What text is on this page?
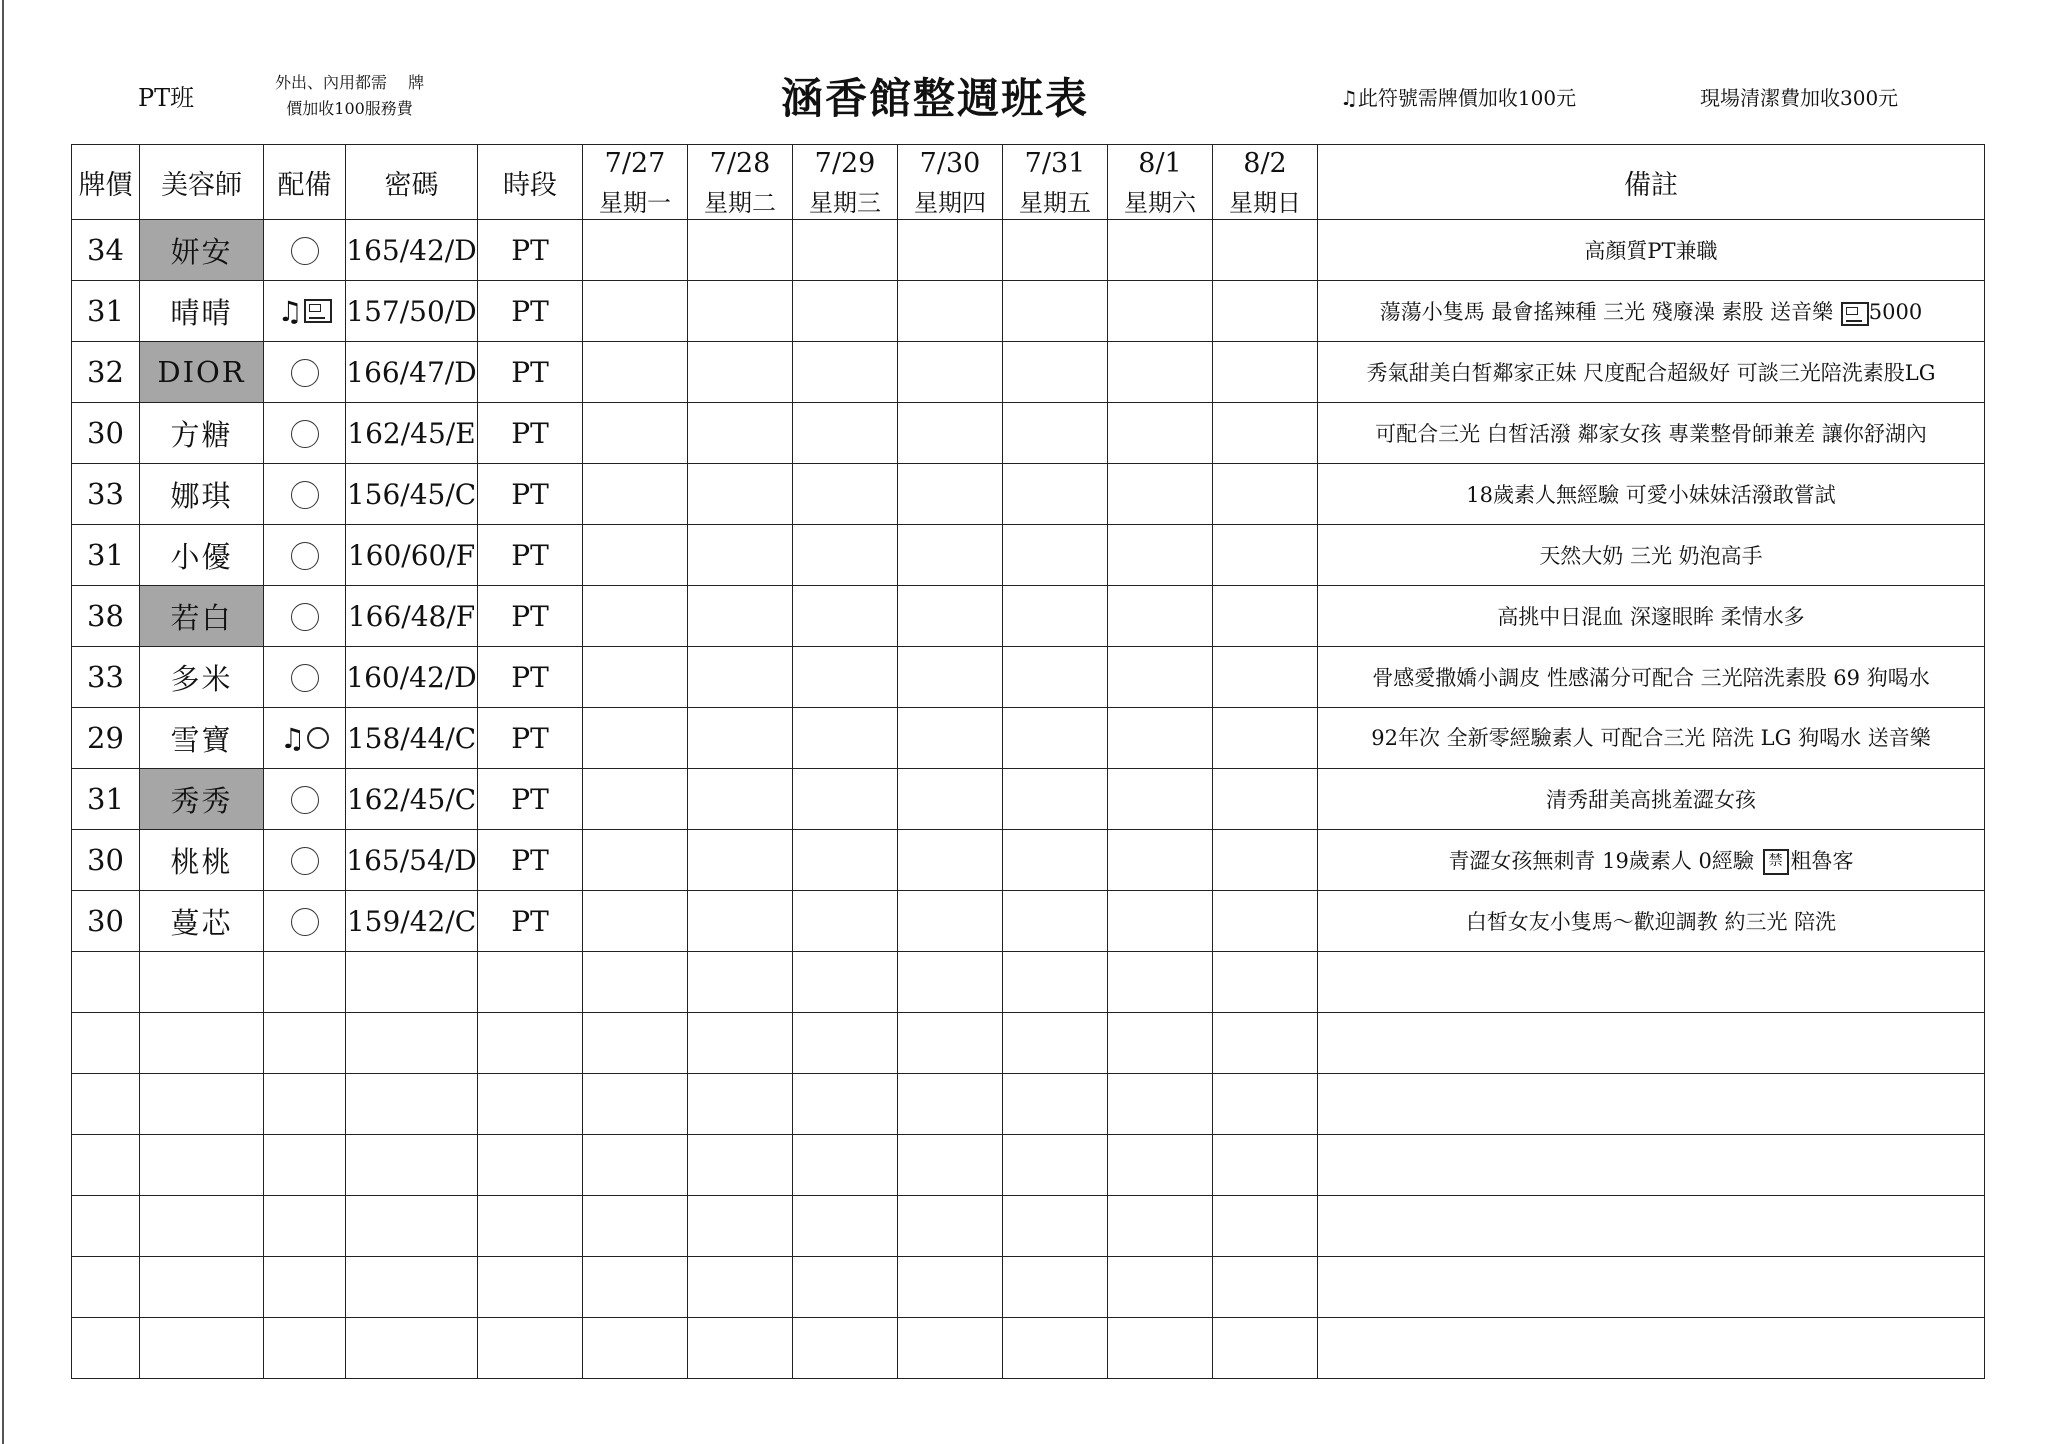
PT班
外出、內用都需　 牌
價加收100服務費	涵香館整週班表	♫此符號需牌價加收100元	現場清潔費加收300元
牌價	美容師	配備	密碼	時段	7/27	7/28	7/29	7/30	7/31	8/1	8/2	備註
					星期一	星期二	星期三	星期四	星期五	星期六	星期日	
34	妍安		165/42/D	PT								高顏質PT兼職
31	晴晴	♫	157/50/D	PT								蕩蕩小隻馬 最會搖辣種 三光 殘廢澡 素股 送音樂 5000
32	DIOR		166/47/D	PT								秀氣甜美白皙鄰家正妹 尺度配合超級好 可談三光陪洗素股LG
30	方糖		162/45/E	PT								可配合三光 白皙活潑 鄰家女孩 專業整骨師兼差 讓你舒湖內
33	娜琪		156/45/C	PT								18歲素人無經驗 可愛小妹妹活潑敢嘗試
31	小優		160/60/F	PT								天然大奶 三光 奶泡高手
38	若白		166/48/F	PT								高挑中日混血 深邃眼眸 柔情水多
33	多米		160/42/D	PT								骨感愛撒嬌小調皮 性感滿分可配合 三光陪洗素股 69 狗喝水
29	雪寶	♫	158/44/C	PT								92年次 全新零經驗素人 可配合三光 陪洗 LG 狗喝水 送音樂
31	秀秀		162/45/C	PT								清秀甜美高挑羞澀女孩
30	桃桃		165/54/D	PT								青澀女孩無刺青 19歲素人 0經驗 禁 粗魯客
30	蔓芯		159/42/C	PT								白皙女友小隻馬～歡迎調教 約三光 陪洗
